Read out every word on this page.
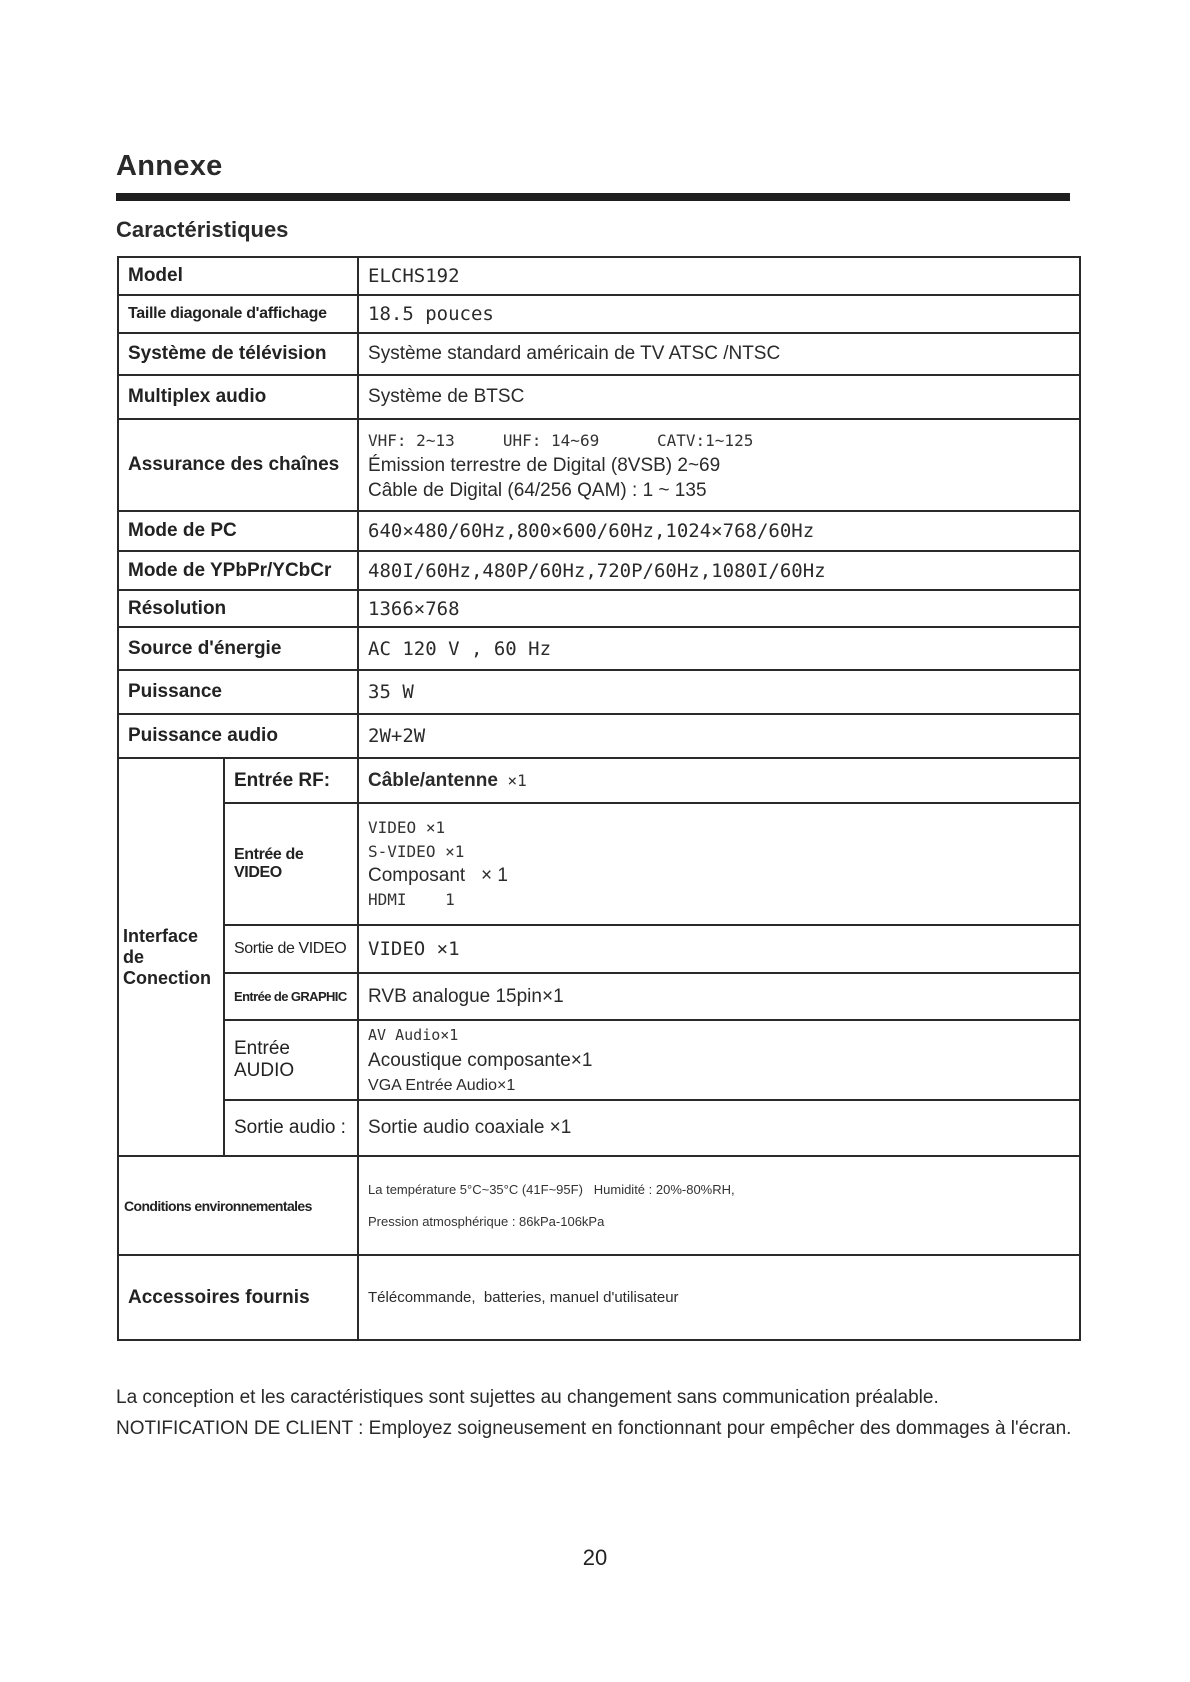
Annexe
Caractéristiques
Model		ELCHS192
Taille diagonale d'affichage		18.5 pouces
Système de télévision		Système standard américain de TV ATSC /NTSC
Multiplex audio		Système de BTSC
Assurance des chaînes		VHF: 2~13     UHF: 14~69      CATV:1~125
Émission terrestre de Digital (8VSB) 2~69
Câble de Digital (64/256 QAM) : 1 ~ 135

Mode de PC		640×480/60Hz,800×600/60Hz,1024×768/60Hz
Mode de YPbPr/YCbCr		480I/60Hz,480P/60Hz,720P/60Hz,1080I/60Hz
Résolution		1366×768
Source d'énergie		AC 120 V , 60 Hz
Puissance		35 W
Puissance audio		2W+2W
Interface de Conection	Entrée RF:	Câble/antenne ×1
	Entrée de VIDEO	VIDEO ×1
S-VIDEO ×1
Composant   × 1
HDMI    1

	Sortie de VIDEO	VIDEO ×1
	Entrée de GRAPHIC	RVB analogue 15pin×1
	Entrée AUDIO	AV Audio×1
Acoustique composante×1
VGA Entrée Audio×1

	Sortie audio :	Sortie audio coaxiale ×1
Conditions environnementales		La température 5°C~35°C (41F~95F)   Humidité : 20%-80%RH,
Pression atmosphérique : 86kPa-106kPa

Accessoires fournis		Télécommande,  batteries, manuel d'utilisateur
La conception et les caractéristiques sont sujettes au changement sans communication préalable.
NOTIFICATION DE CLIENT : Employez soigneusement en fonctionnant pour empêcher des dommages à l'écran.
20
